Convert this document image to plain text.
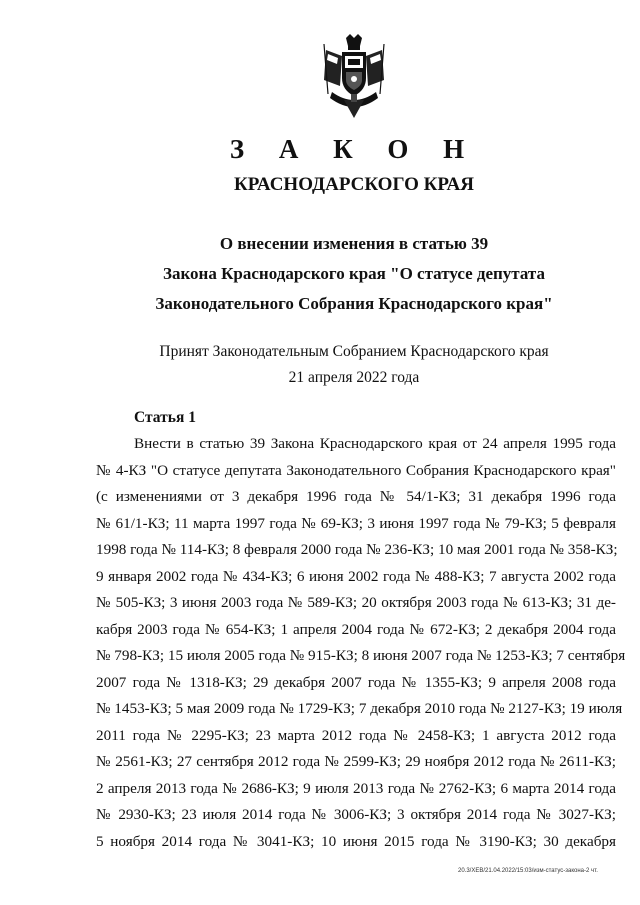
З А К О Н
КРАСНОДАРСКОГО КРАЯ
О внесении изменения в статью 39
Закона Краснодарского края "О статусе депутата
Законодательного Собрания Краснодарского края"
Принят Законодательным Собранием Краснодарского края
21 апреля 2022 года
Статья 1
Внести в статью 39 Закона Краснодарского края от 24 апреля 1995 года
№ 4-КЗ "О статусе депутата Законодательного Собрания Краснодарского края"
(с изменениями от 3 декабря 1996 года № 54/1-КЗ; 31 декабря 1996 года
№ 61/1-КЗ; 11 марта 1997 года № 69-КЗ; 3 июня 1997 года № 79-КЗ; 5 февраля
1998 года № 114-КЗ; 8 февраля 2000 года № 236-КЗ; 10 мая 2001 года № 358-КЗ;
9 января 2002 года № 434-КЗ; 6 июня 2002 года № 488-КЗ; 7 августа 2002 года
№ 505-КЗ; 3 июня 2003 года № 589-КЗ; 20 октября 2003 года № 613-КЗ; 31 де-
кабря 2003 года № 654-КЗ; 1 апреля 2004 года № 672-КЗ; 2 декабря 2004 года
№ 798-КЗ; 15 июля 2005 года № 915-КЗ; 8 июня 2007 года № 1253-КЗ; 7 сентября
2007 года № 1318-КЗ; 29 декабря 2007 года № 1355-КЗ; 9 апреля 2008 года
№ 1453-КЗ; 5 мая 2009 года № 1729-КЗ; 7 декабря 2010 года № 2127-КЗ; 19 июля
2011 года № 2295-КЗ; 23 марта 2012 года № 2458-КЗ; 1 августа 2012 года
№ 2561-КЗ; 27 сентября 2012 года № 2599-КЗ; 29 ноября 2012 года № 2611-КЗ;
2 апреля 2013 года № 2686-КЗ; 9 июля 2013 года № 2762-КЗ; 6 марта 2014 года
№ 2930-КЗ; 23 июля 2014 года № 3006-КЗ; 3 октября 2014 года № 3027-КЗ;
5 ноября 2014 года № 3041-КЗ; 10 июня 2015 года № 3190-КЗ; 30 декабря
20.3/ХЕВ/21.04.2022/15:03/изм-статус-закона-2 чт.
